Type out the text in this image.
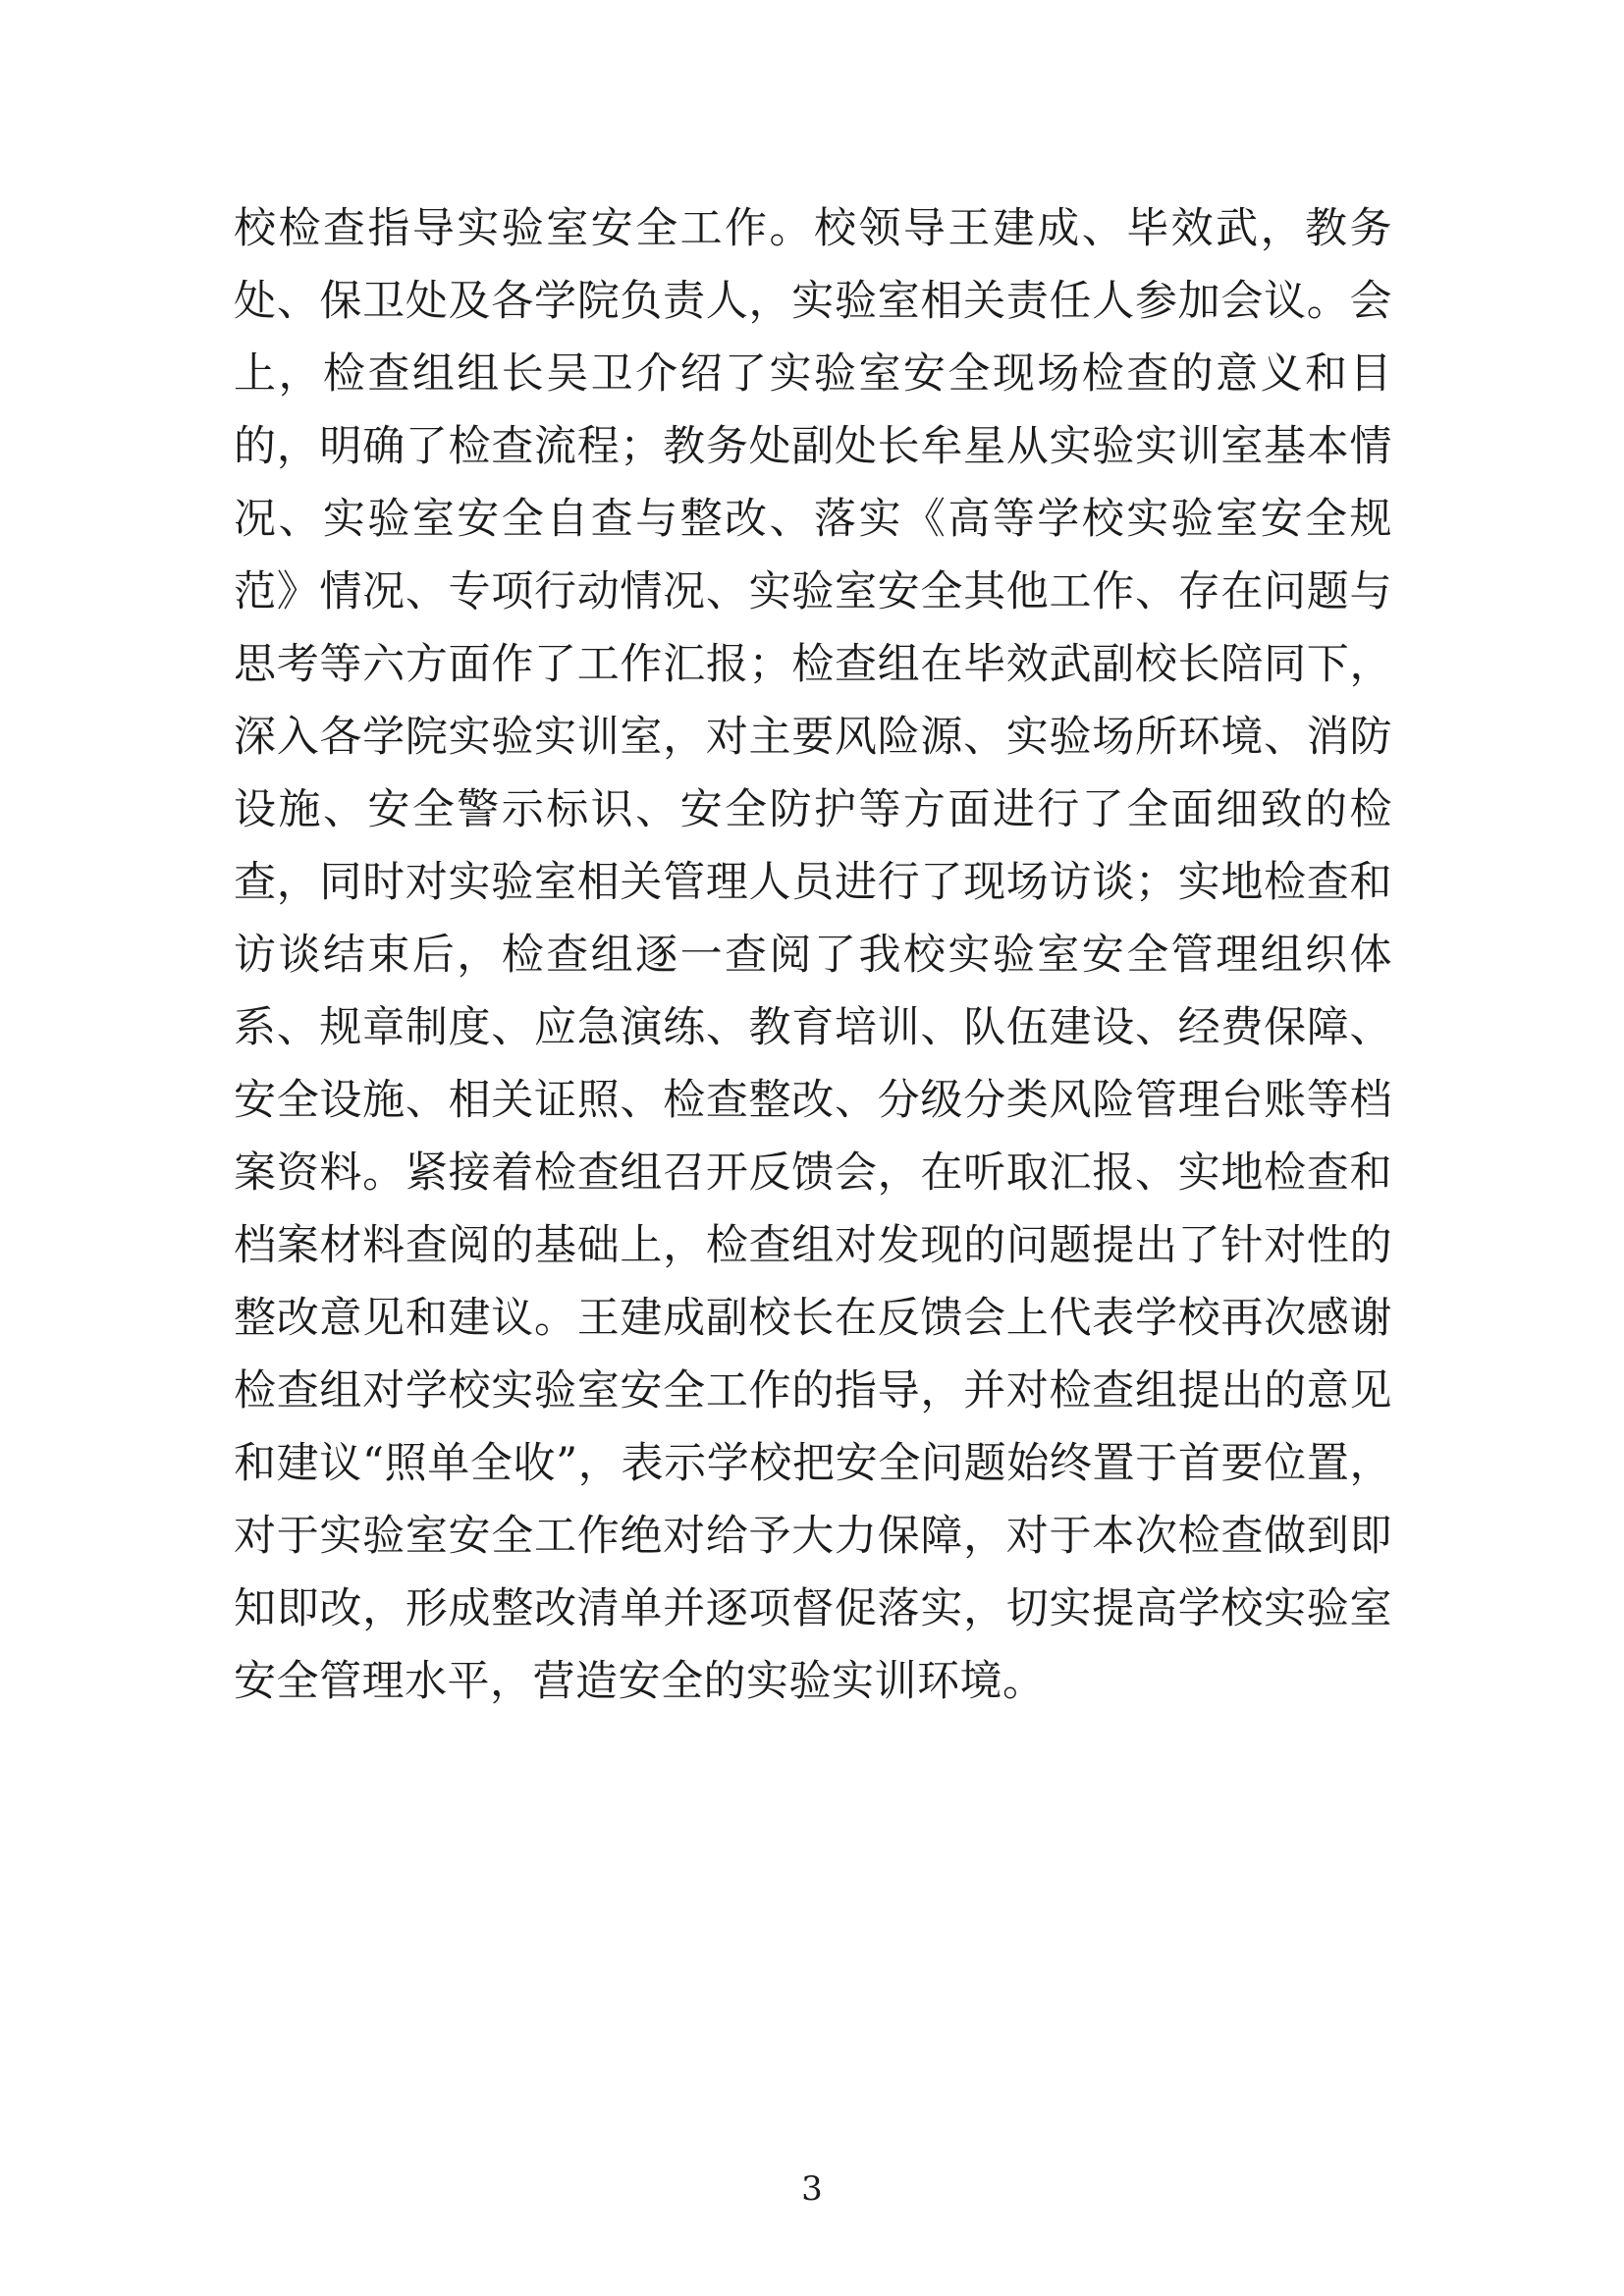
校检查指导实验室安全工作。校领导王建成、毕效武，教务处、保卫处及各学院负责人，实验室相关责任人参加会议。会上，检查组组长吴卫介绍了实验室安全现场检查的意义和目的，明确了检查流程；教务处副处长牟星从实验实训室基本情况、实验室安全自查与整改、落实《高等学校实验室安全规范》情况、专项行动情况、实验室安全其他工作、存在问题与思考等六方面作了工作汇报；检查组在毕效武副校长陪同下，深入各学院实验实训室，对主要风险源、实验场所环境、消防设施、安全警示标识、安全防护等方面进行了全面细致的检查，同时对实验室相关管理人员进行了现场访谈；实地检查和访谈结束后，检查组逐一查阅了我校实验室安全管理组织体系、规章制度、应急演练、教育培训、队伍建设、经费保障、安全设施、相关证照、检查整改、分级分类风险管理台账等档案资料。紧接着检查组召开反馈会，在听取汇报、实地检查和档案材料查阅的基础上，检查组对发现的问题提出了针对性的整改意见和建议。王建成副校长在反馈会上代表学校再次感谢检查组对学校实验室安全工作的指导，并对检查组提出的意见和建议“照单全收”，表示学校把安全问题始终置于首要位置，对于实验室安全工作绝对给予大力保障，对于本次检查做到即知即改，形成整改清单并逐项督促落实，切实提高学校实验室安全管理水平，营造安全的实验实训环境。
3
